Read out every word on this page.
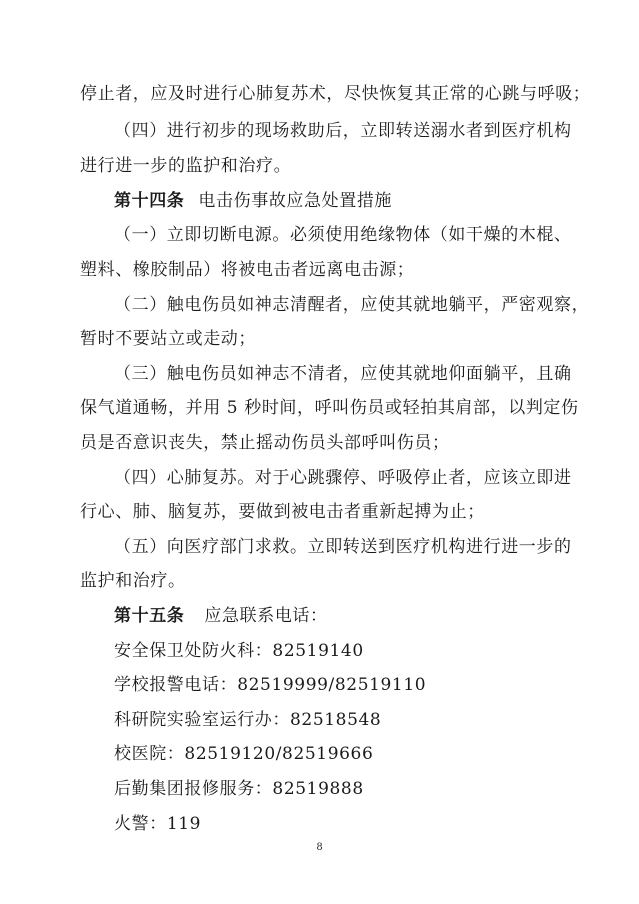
停止者，应及时进行心肺复苏术，尽快恢复其正常的心跳与呼吸；
（四）进行初步的现场救助后，立即转送溺水者到医疗机构
进行进一步的监护和治疗。
第十四条 电击伤事故应急处置措施
（一）立即切断电源。必须使用绝缘物体（如干燥的木棍、
塑料、橡胶制品）将被电击者远离电击源；
（二）触电伤员如神志清醒者，应使其就地躺平，严密观察，
暂时不要站立或走动；
（三）触电伤员如神志不清者，应使其就地仰面躺平，且确
保气道通畅，并用 5 秒时间，呼叫伤员或轻拍其肩部，以判定伤
员是否意识丧失，禁止摇动伤员头部呼叫伤员；
（四）心肺复苏。对于心跳骤停、呼吸停止者，应该立即进
行心、肺、脑复苏，要做到被电击者重新起搏为止；
（五）向医疗部门求救。立即转送到医疗机构进行进一步的
监护和治疗。
第十五条 应急联系电话：
安全保卫处防火科：82519140
学校报警电话：82519999/82519110
科研院实验室运行办：82518548
校医院：82519120/82519666
后勤集团报修服务：82519888
火警：119
8
